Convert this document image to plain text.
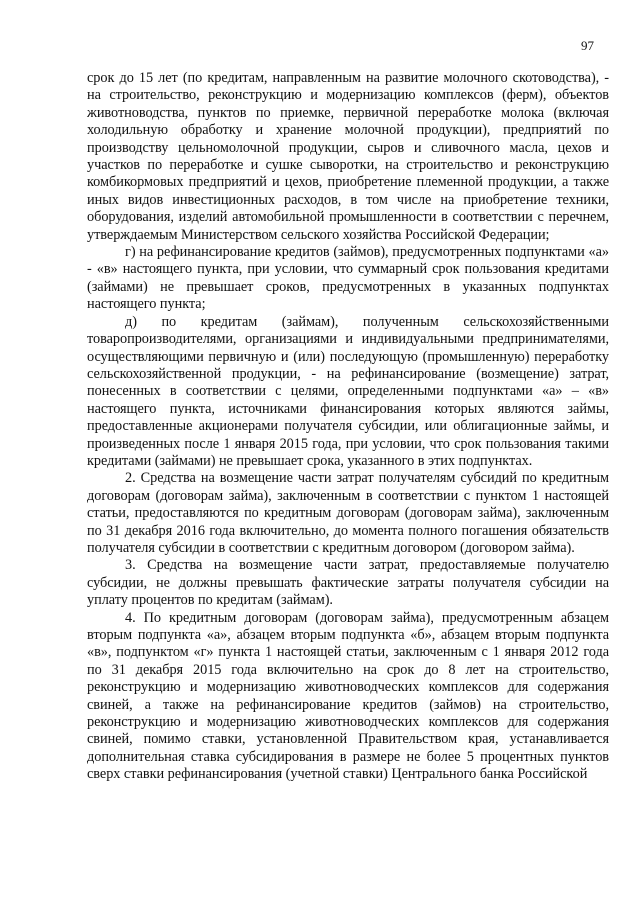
97

срок до 15 лет (по кредитам, направленным на развитие молочного скотоводства), - на строительство, реконструкцию и модернизацию комплексов (ферм), объектов животноводства, пунктов по приемке, первичной переработке молока (включая холодильную обработку и хранение молочной продукции), предприятий по производству цельномолочной продукции, сыров и сливочного масла, цехов и участков по переработке и сушке сыворотки, на строительство и реконструкцию комбикормовых предприятий и цехов, приобретение племенной продукции, а также иных видов инвестиционных расходов, в том числе на приобретение техники, оборудования, изделий автомобильной промышленности в соответствии с перечнем, утверждаемым Министерством сельского хозяйства Российской Федерации;

г) на рефинансирование кредитов (займов), предусмотренных подпунктами «а» - «в» настоящего пункта, при условии, что суммарный срок пользования кредитами (займами) не превышает сроков, предусмотренных в указанных подпунктах настоящего пункта;

д) по кредитам (займам), полученным сельскохозяйственными товаропроизводителями, организациями и индивидуальными предпринимателями, осуществляющими первичную и (или) последующую (промышленную) переработку сельскохозяйственной продукции, - на рефинансирование (возмещение) затрат, понесенных в соответствии с целями, определенными подпунктами «а» – «в» настоящего пункта, источниками финансирования которых являются займы, предоставленные акционерами получателя субсидии, или облигационные займы, и произведенных после 1 января 2015 года, при условии, что срок пользования такими кредитами (займами) не превышает срока, указанного в этих подпунктах.

2. Средства на возмещение части затрат получателям субсидий по кредитным договорам (договорам займа), заключенным в соответствии с пунктом 1 настоящей статьи, предоставляются по кредитным договорам (договорам займа), заключенным по 31 декабря 2016 года включительно, до момента полного погашения обязательств получателя субсидии в соответствии с кредитным договором (договором займа).

3. Средства на возмещение части затрат, предоставляемые получателю субсидии, не должны превышать фактические затраты получателя субсидии на уплату процентов по кредитам (займам).

4. По кредитным договорам (договорам займа), предусмотренным абзацем вторым подпункта «а», абзацем вторым подпункта «б», абзацем вторым подпункта «в», подпунктом «г» пункта 1 настоящей статьи, заключенным с 1 января 2012 года по 31 декабря 2015 года включительно на срок до 8 лет на строительство, реконструкцию и модернизацию животноводческих комплексов для содержания свиней, а также на рефинансирование кредитов (займов) на строительство, реконструкцию и модернизацию животноводческих комплексов для содержания свиней, помимо ставки, установленной Правительством края, устанавливается дополнительная ставка субсидирования в размере не более 5 процентных пунктов сверх ставки рефинансирования (учетной ставки) Центрального банка Российской
